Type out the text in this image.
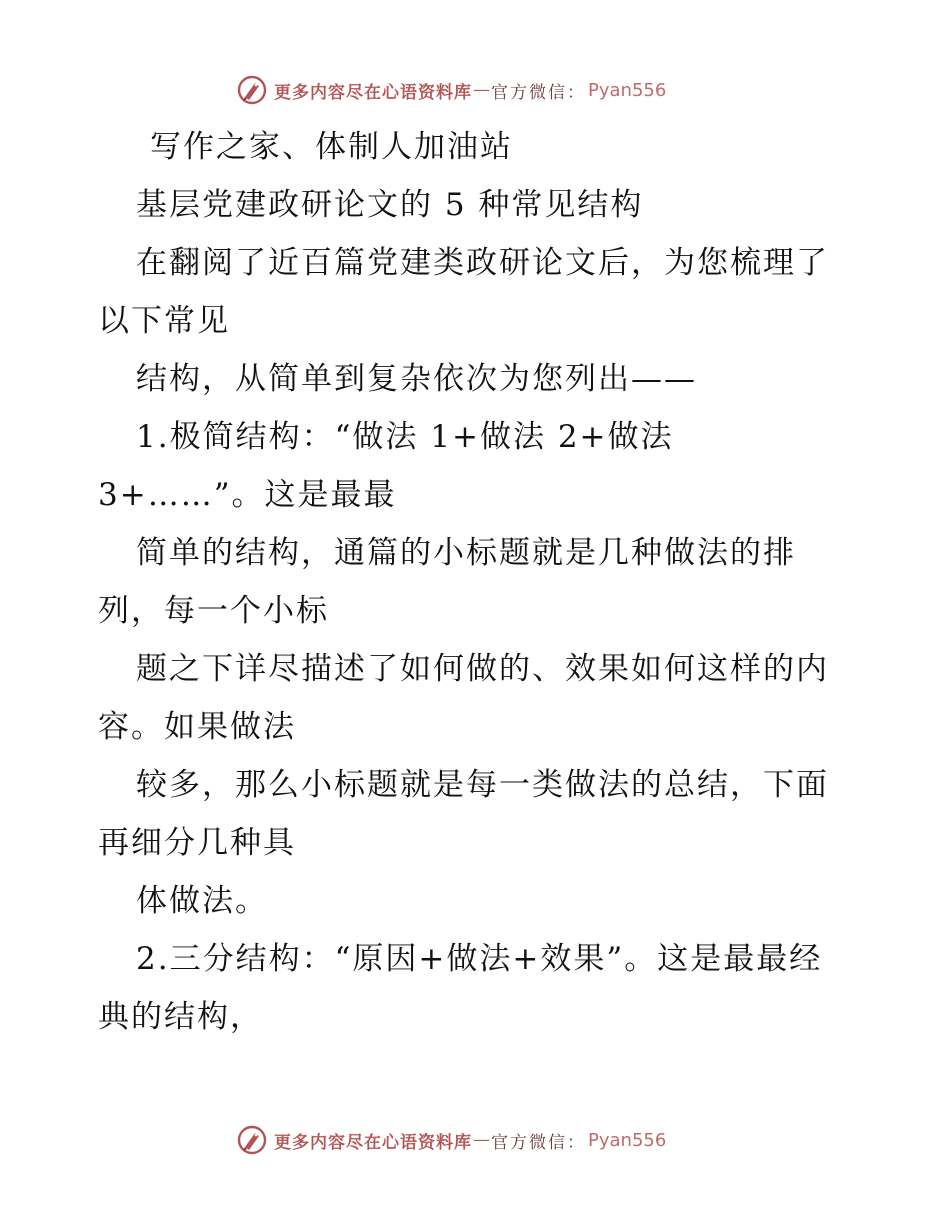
更多内容尽在心语资料库 — 官方微信： Pyan556

写作之家、体制人加油站

基层党建政研论文的 5 种常见结构

在翻阅了近百篇党建类政研论文后，为您梳理了

以下常见

结构，从简单到复杂依次为您列出——

1.极简结构：“做法 1+做法 2+做法

3+……”。这是最最

简单的结构，通篇的小标题就是几种做法的排

列，每一个小标

题之下详尽描述了如何做的、效果如何这样的内

容。如果做法

较多，那么小标题就是每一类做法的总结，下面

再细分几种具

体做法。

2.三分结构：“原因+做法+效果”。这是最最经

典的结构，

更多内容尽在心语资料库 — 官方微信： Pyan556
